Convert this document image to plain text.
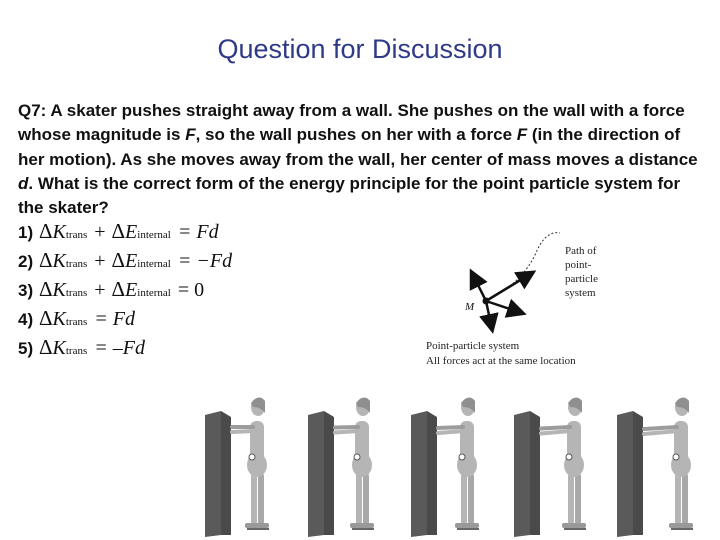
Question for Discussion
Q7: A skater pushes straight away from a wall. She pushes on the wall with a force
whose magnitude is F, so the wall pushes on her with a force F (in the direction of
her motion). As she moves away from the wall, her center of mass moves a distance
d. What is the correct form of the energy principle for the point particle system for
the skater?
1) Δ K trans + Δ E internal = Fd
2) Δ K trans + Δ E internal = −Fd
3) Δ K trans + Δ E internal = 0
4) Δ K trans = Fd
5) Δ K trans = –Fd
M
Path of
point-
particle
system
Point-particle system
All forces act at the same location
